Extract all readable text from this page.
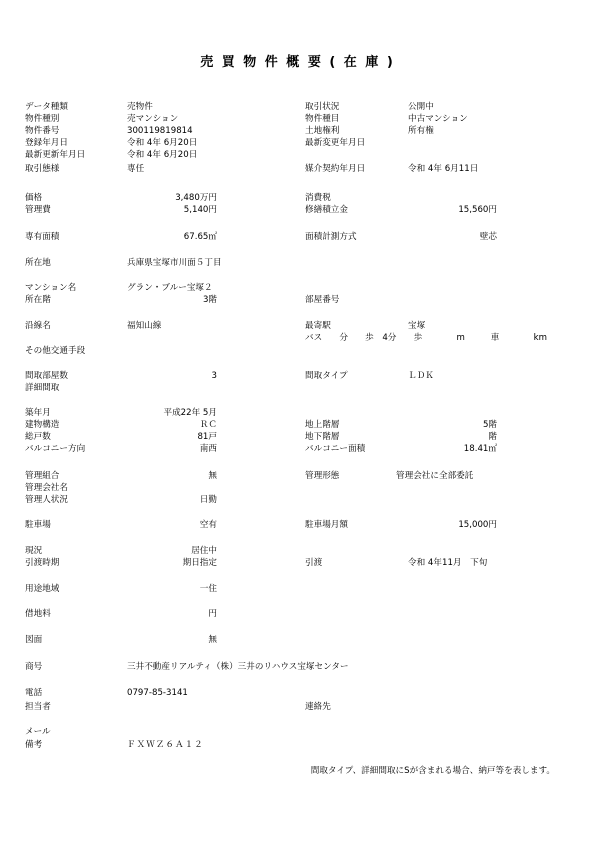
売 買 物 件 概 要 ( 在 庫 )
データ種類	売物件	取引状況	公開中
物件種別	売マンション	物件種目	中古マンション
物件番号	300119819814	土地権利	所有権
登録年月日	令和 4年 6月20日	最新変更年月日
最新更新年月日	令和 4年 6月20日
取引態様	専任	媒介契約年月日	令和 4年 6月11日
価格	3,480万円	消費税
管理費	5,140円	修繕積立金	15,560円
専有面積	67.65㎡	面積計測方式	壁芯
所在地	兵庫県宝塚市川面５丁目
マンション名	グラン・ブルー宝塚２
所在階	3階	部屋番号
沿線名	福知山線	最寄駅	宝塚
バス　　分　　歩　4分　　歩　　　　m　　　車　　　　km
その他交通手段
間取部屋数	3	間取タイプ	ＬＤＫ
詳細間取
築年月	平成22年 5月
建物構造	ＲＣ	地上階層	5階
総戸数	81戸	地下階層	階
バルコニー方向	南西	バルコニー面積	18.41㎡
管理組合	無	管理形態	管理会社に全部委託
管理会社名
管理人状況	日勤
駐車場	空有	駐車場月額	15,000円
現況	居住中
引渡時期	期日指定	引渡	令和 4年11月　下旬
用途地域	一住
借地料	円
図面	無
商号	三井不動産リアルティ（株）三井のリハウス宝塚センター
電話	0797-85-3141
担当者	連絡先
メール
備考	ＦＸＷＺ６Ａ１２
間取タイプ、詳細間取にSが含まれる場合、納戸等を表します。
